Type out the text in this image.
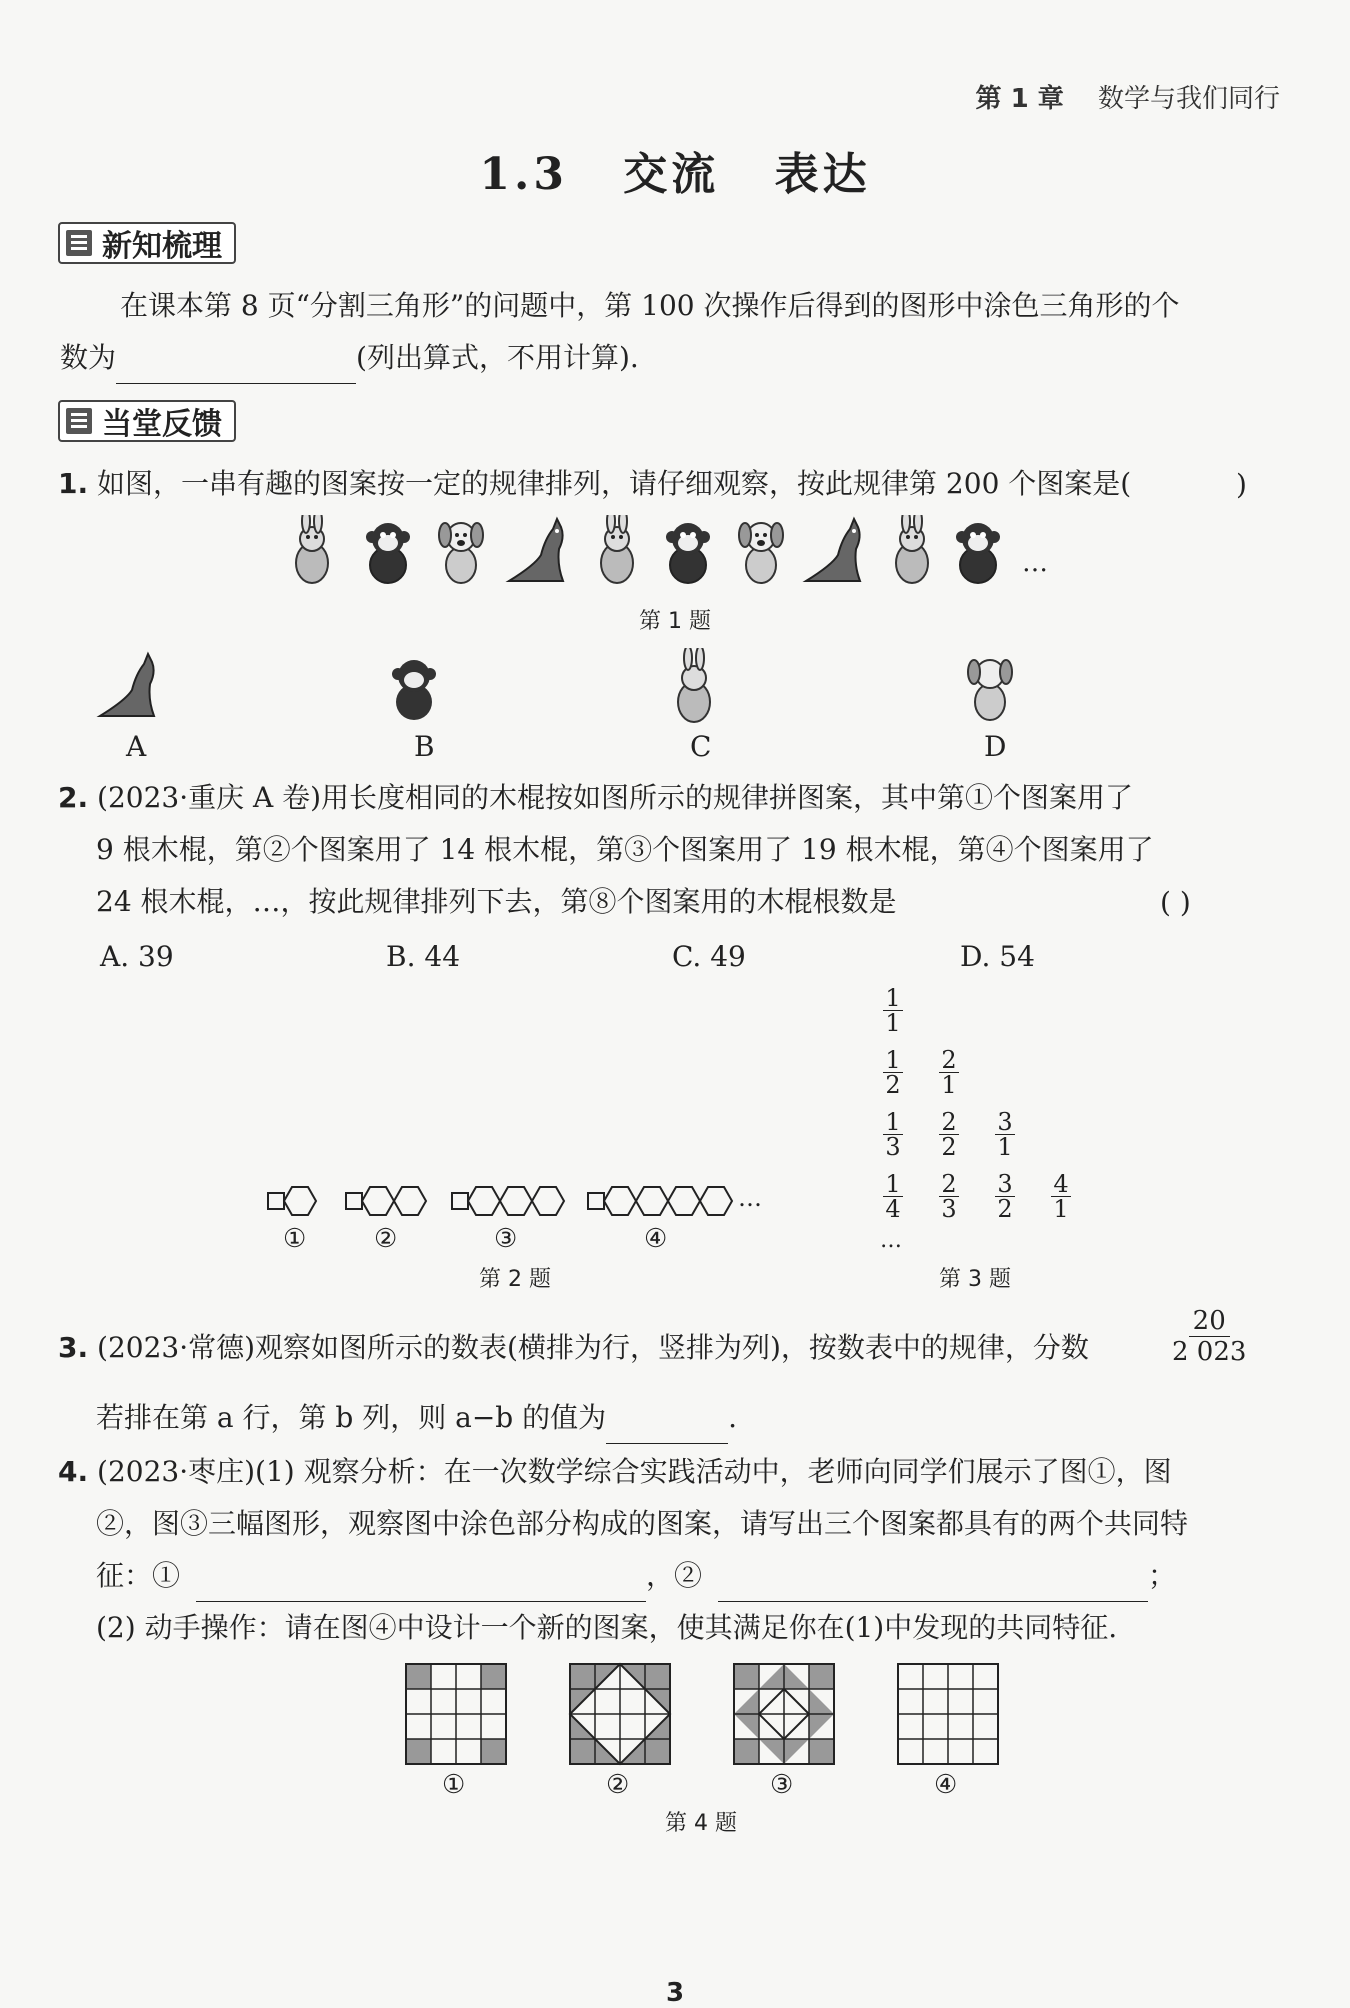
第 1 章 数学与我们同行
1.3 交流 表达
新知梳理
在课本第 8 页“分割三角形”的问题中，第 100 次操作后得到的图形中涂色三角形的个
数为	(列出算式，不用计算).
当堂反馈
1. 如图，一串有趣的图案按一定的规律排列，请仔细观察，按此规律第 200 个图案是(	)
…
第 1 题
A	B	C	D
2. (2023·重庆 A 卷)用长度相同的木棍按如图所示的规律拼图案，其中第①个图案用了
9 根木棍，第②个图案用了 14 根木棍，第③个图案用了 19 根木棍，第④个图案用了
24 根木棍，…，按此规律排列下去，第⑧个图案用的木棍根数是	( )
A. 39	B. 44	C. 49	D. 54
…
①	②	③	④
第 2 题
$\frac{1}{1}$
$\frac{1}{2} \frac{2}{1}$
$\frac{1}{3} \frac{2}{2} \frac{3}{1}$
$\frac{1}{4} \frac{2}{3} \frac{3}{2} \frac{4}{1}$
…
第 3 题
3. (2023·常德)观察如图所示的数表(横排为行，竖排为列)，按数表中的规律，分数	$\frac{20}{2 023}$
若排在第 a 行，第 b 列，则 a−b 的值为	.
4. (2023·枣庄)(1) 观察分析：在一次数学综合实践活动中，老师向同学们展示了图①，图
②，图③三幅图形，观察图中涂色部分构成的图案，请写出三个图案都具有的两个共同特
征：①	，②	；
(2) 动手操作：请在图④中设计一个新的图案，使其满足你在(1)中发现的共同特征.
①	②	③	④
第 4 题
3
